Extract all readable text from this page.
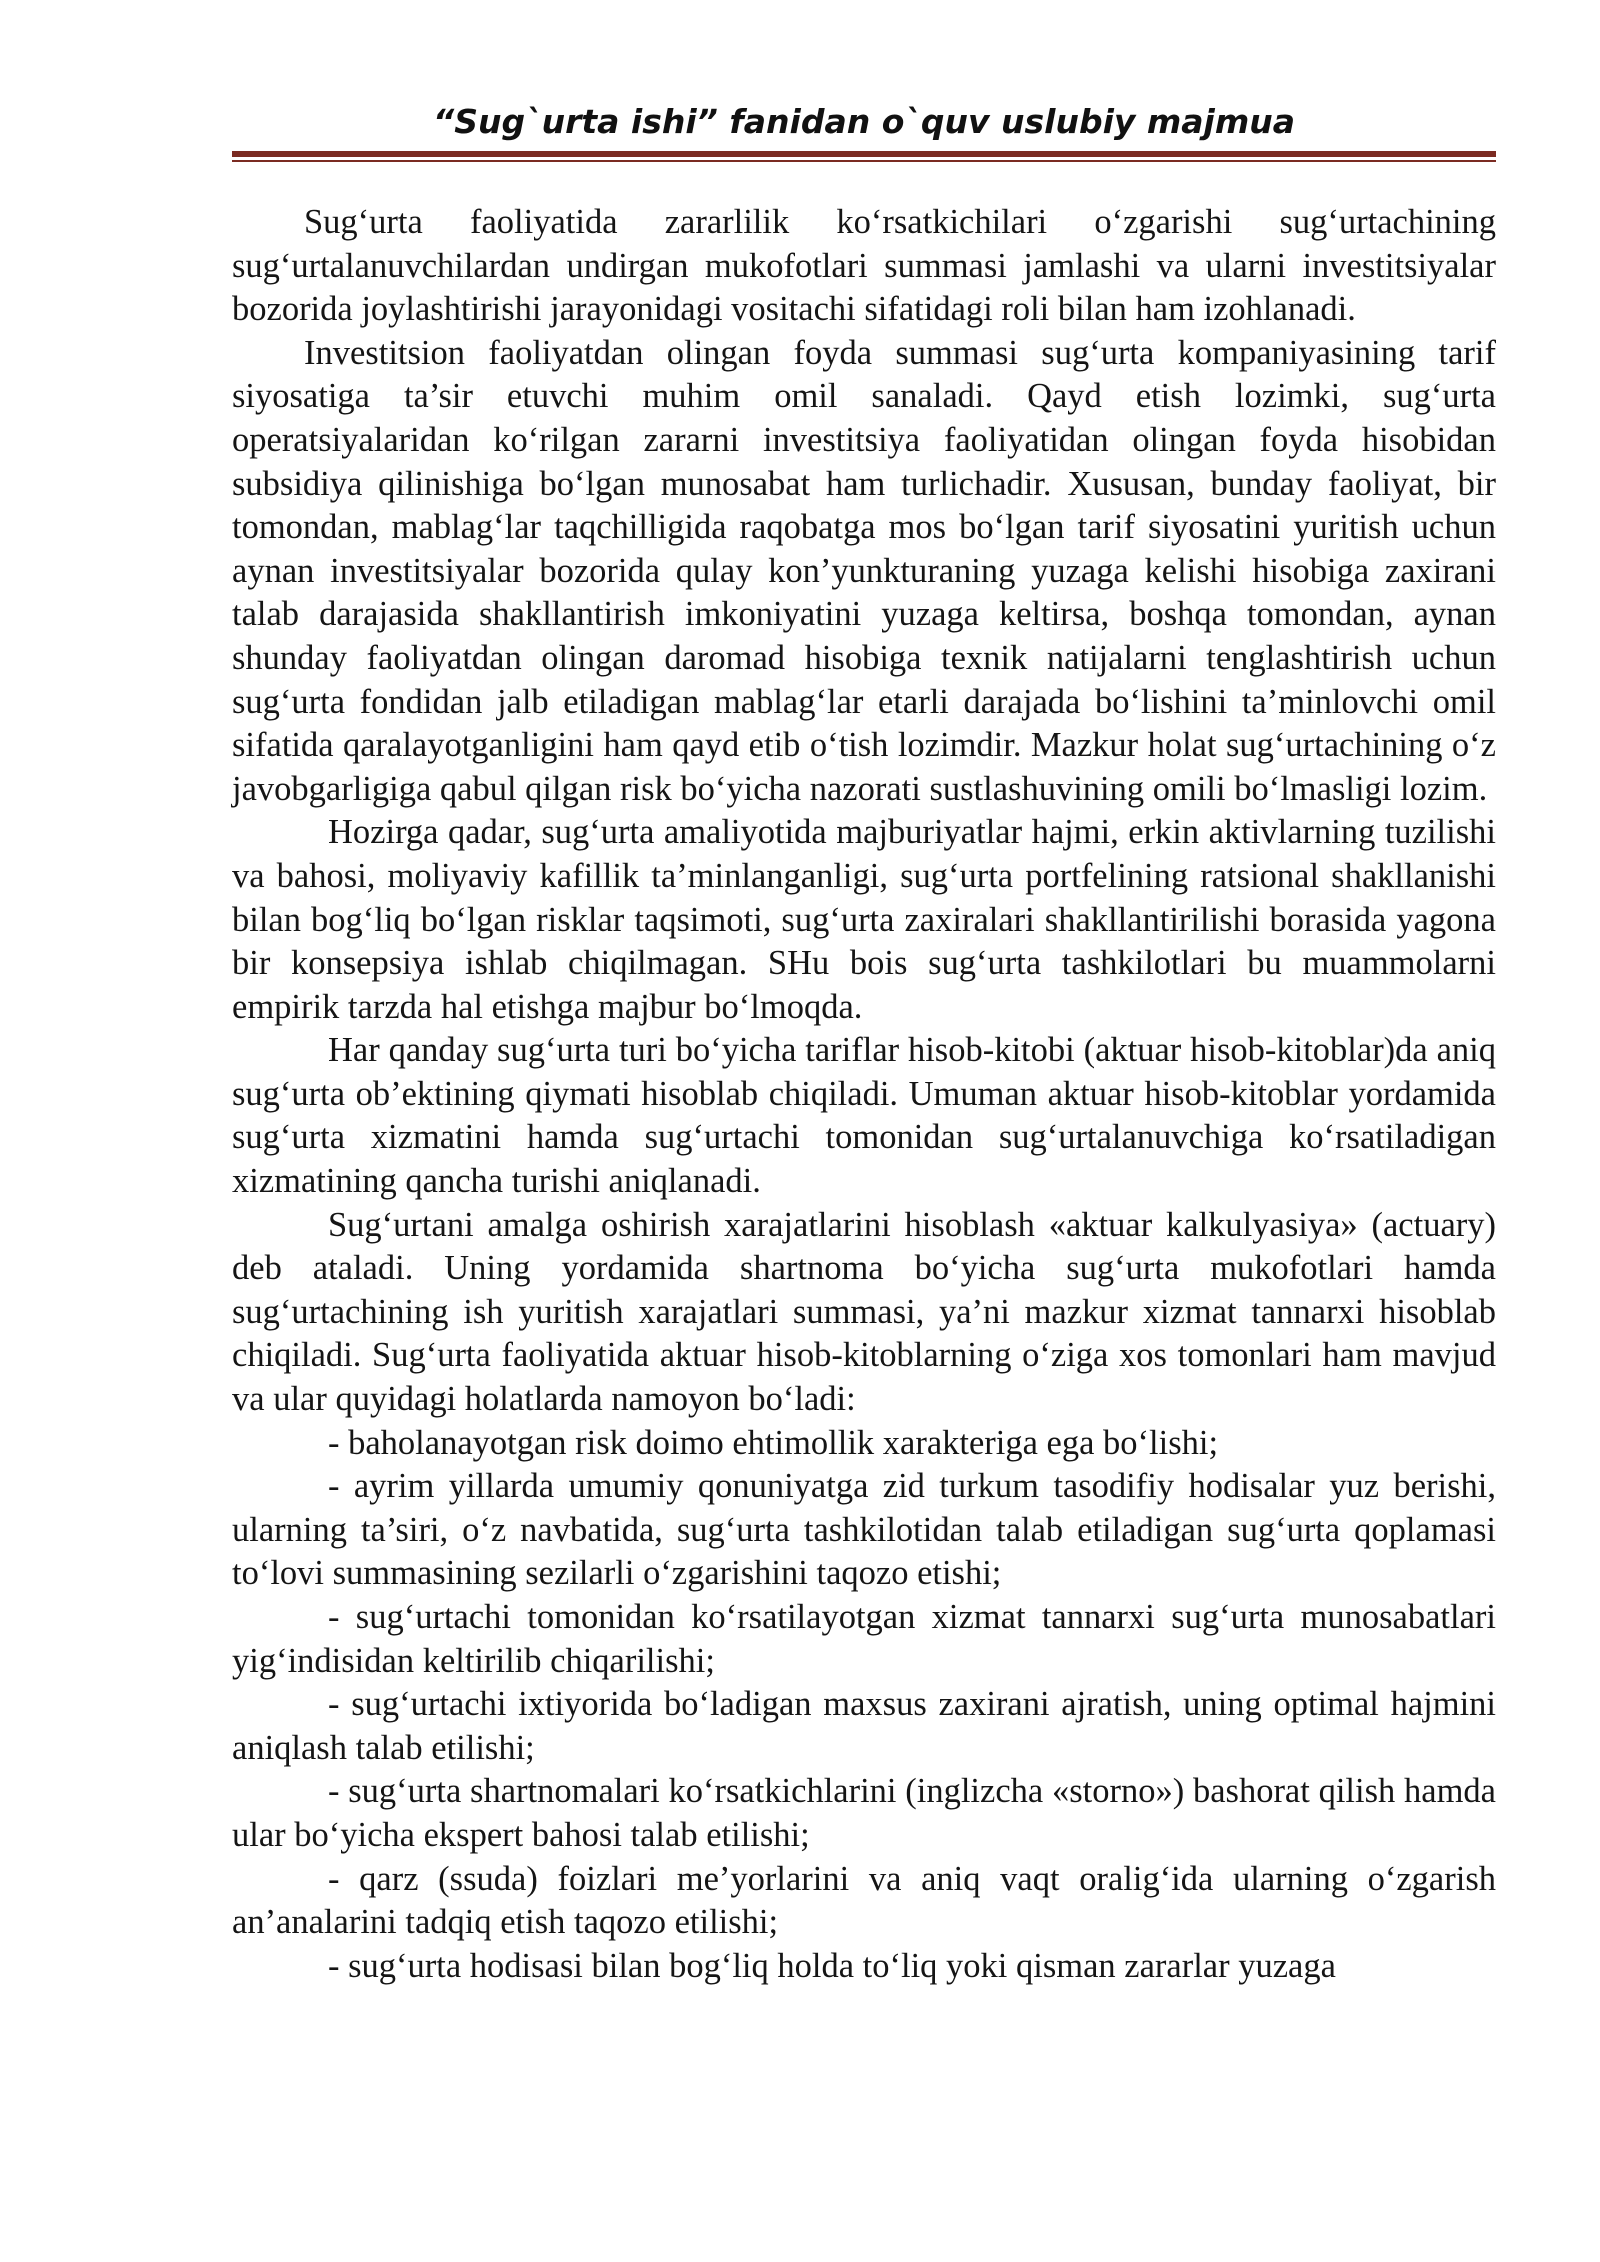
“Sug`urta ishi” fanidan o`quv uslubiy majmua

Sug‘urta faoliyatida zararlilik ko‘rsatkichilari o‘zgarishi sug‘urtachining sug‘urtalanuvchilardan undirgan mukofotlari summasi jamlashi va ularni investitsiyalar bozorida joylashtirishi jarayonidagi vositachi sifatidagi roli bilan ham izohlanadi.

Investitsion faoliyatdan olingan foyda summasi sug‘urta kompaniyasining tarif siyosatiga ta’sir etuvchi muhim omil sanaladi. Qayd etish lozimki, sug‘urta operatsiyalaridan ko‘rilgan zararni investitsiya faoliyatidan olingan foyda hisobidan subsidiya qilinishiga bo‘lgan munosabat ham turlichadir. Xususan, bunday faoliyat, bir tomondan, mablag‘lar taqchilligida raqobatga mos bo‘lgan tarif siyosatini yuritish uchun aynan investitsiyalar bozorida qulay kon’yunkturaning yuzaga kelishi hisobiga zaxirani talab darajasida shakllantirish imkoniyatini yuzaga keltirsa, boshqa tomondan, aynan shunday faoliyatdan olingan daromad hisobiga texnik natijalarni tenglashtirish uchun sug‘urta fondidan jalb etiladigan mablag‘lar etarli darajada bo‘lishini ta’minlovchi omil sifatida qaralayotganligini ham qayd etib o‘tish lozimdir. Mazkur holat sug‘urtachining o‘z javobgarligiga qabul qilgan risk bo‘yicha nazorati sustlashuvining omili bo‘lmasligi lozim.

Hozirga qadar, sug‘urta amaliyotida majburiyatlar hajmi, erkin aktivlarning tuzilishi va bahosi, moliyaviy kafillik ta’minlanganligi, sug‘urta portfelining ratsional shakllanishi bilan bog‘liq bo‘lgan risklar taqsimoti, sug‘urta zaxiralari shakllantirilishi borasida yagona bir konsepsiya ishlab chiqilmagan. SHu bois sug‘urta tashkilotlari bu muammolarni empirik tarzda hal etishga majbur bo‘lmoqda.

Har qanday sug‘urta turi bo‘yicha tariflar hisob-kitobi (aktuar hisob-kitoblar)da aniq sug‘urta ob’ektining qiymati hisoblab chiqiladi. Umuman aktuar hisob-kitoblar yordamida sug‘urta xizmatini hamda sug‘urtachi tomonidan sug‘urtalanuvchiga ko‘rsatiladigan xizmatining qancha turishi aniqlanadi.

Sug‘urtani amalga oshirish xarajatlarini hisoblash «aktuar kalkulyasiya» (actuary) deb ataladi. Uning yordamida shartnoma bo‘yicha sug‘urta mukofotlari hamda sug‘urtachining ish yuritish xarajatlari summasi, ya’ni mazkur xizmat tannarxi hisoblab chiqiladi. Sug‘urta faoliyatida aktuar hisob-kitoblarning o‘ziga xos tomonlari ham mavjud va ular quyidagi holatlarda namoyon bo‘ladi:

- baholanayotgan risk doimo ehtimollik xarakteriga ega bo‘lishi;

- ayrim yillarda umumiy qonuniyatga zid turkum tasodifiy hodisalar yuz berishi, ularning ta’siri, o‘z navbatida, sug‘urta tashkilotidan talab etiladigan sug‘urta qoplamasi to‘lovi summasining sezilarli o‘zgarishini taqozo etishi;

- sug‘urtachi tomonidan ko‘rsatilayotgan xizmat tannarxi sug‘urta munosabatlari yig‘indisidan keltirilib chiqarilishi;

- sug‘urtachi ixtiyorida bo‘ladigan maxsus zaxirani ajratish, uning optimal hajmini aniqlash talab etilishi;

- sug‘urta shartnomalari ko‘rsatkichlarini (inglizcha «storno») bashorat qilish hamda ular bo‘yicha ekspert bahosi talab etilishi;

- qarz (ssuda) foizlari me’yorlarini va aniq vaqt oralig‘ida ularning o‘zgarish an’analarini tadqiq etish taqozo etilishi;

- sug‘urta hodisasi bilan bog‘liq holda to‘liq yoki qisman zararlar yuzaga
